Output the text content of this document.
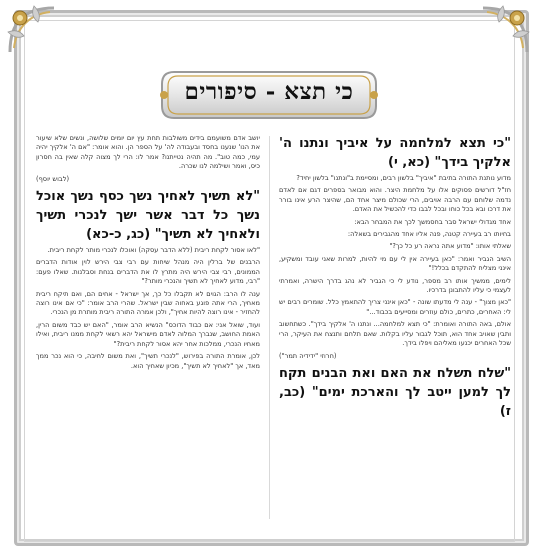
כי תצא - סיפורים

"כי תצא למלחמה על איביך ונתנו ה' אלקיך בידך" (כא, י)

מדוע נותנת התורה בתיבת "איביך" בלשון רבים, ומסיימת ב"ונתנו" בלשון יחיד?

חז"ל דורשים פסוקים אלו על מלחמת היצר. והוא מבואר בספרים דגם אם לאדם נדמה שלוחם עם הרבה אויבים, הרי שכולם מיצר אחד הם, שהיצר הרע אינו בורר את דרכו ובא בכל כוחו ובכל לבבו כדי להכשיל את האדם.

אחד מגדולי ישראל סבר בחסמשך לכך את המבחר הבא:

בחיותו רב בעיירה קטנה, פנה אליו אחד מהגבירים בשאלה:

שאלתי אותו: "מדוע אתה נראה רע כל כך?"

השיב הגביר ואמר: "כאן בעיירה אין לי עם מי להיות, למרות שאני עובד ומשקיע, אינני מצליח להתקדם בכלל!"

לימים, ממשיך אותו רב מספר, נודע לי כי הגביר לא נהג בדרך הישרה, ואמרתי לעצמי כי עליו להתבונן בדרכיו.

"כאן מצוך" - ענה לי מדעתו שונה - "כאן אינני צריך להתאמץ כלל. שומרים רבים יש לי: האחרים, כתרים, כולם עוזרים ומסייעים בכבוד..."

אולם, באה התורה ואומרת: "כי תצא למלחמה... ונתנו ה' אלקיך בידך". כשתחשוב ותבין שאויב אחד הוא, תוכל לגבור עליו בקלות. שאם תלחם ותנצח את העיקר, הרי שכל האחרים יכנעו מאליהם ויפלו בידך.

(חרוזי "ידידיה תמר")

"שלח תשלח את האם ואת הבנים תקח לך למען ייטב לך והארכת ימים" (כב, ז)

יושב אדם משועמם בידים משולבות תחת עץ יום יומים שלושה, ונשים שלא שיעור את הנו' שנענו בחסד ובעבודה לה' על הספר הן. והוא אומר: "אם ה' אלקיך יהיה עמי, כמה טוב". מה תהיה נטייתנו? אמר לו: הרי לך מצוה קלה שאין בה חסרון כיס, ואמר ושילמה לנו שכרה.

(לבוש יוסף)

"לא תשיך לאחיך נשך כסף נשך אוכל נשך כל דבר אשר ישך לנכרי תשיך ולאחיך לא תשיך" (כג, כ-כא)

"לאו אסור לקחת ריבית (ללא הדבר עסקה) ואוכלו לנכרי מותר לקחת ריבית.

הרבנים של ברלין היה מנהל שיחות עם רבי צבי הירש לוין אודות הדברים הממונים, רבי צבי הירש היה מתרץ לו את הדברים בנחת וסבלנות. שאלו פעם: "רבי, מדוע לאחיך לא תשיך והנכרי מותר?"

ענה לו הרב: הגוים לא תקבלו כל כך, אך ישראל - אחים הם, ואם תיקח ריבית מאחיך, הרי אתה פוגע באחוה שבין ישראל. שהרי הרב אומר: "כי אם אינו רוצה להחזיר - אינו רוצה להיות אחיך", ולכן אמרה התורה ריבית מותרת מן הנכרי.

ועוד, שואל אני: אם כבוד הדוכס" הנשיא הרב אומר, "האם יש כבד משום הרין, האמת החושב, שנברך המלוה לאדם מישראל יהא רשאי לקחת ממנו ריבית, ואילו מאחיו הנכרי, ממלכות אחר יהא אסור לקחת ריבית?"

לכן, אומרת התורה בפירוש, "לנכרי תשיך", ואת משום לחיבה, כי הוא נכר ממך מאד, אך "לאחיך לא תשיך", מכיון שאחיך הוא.
